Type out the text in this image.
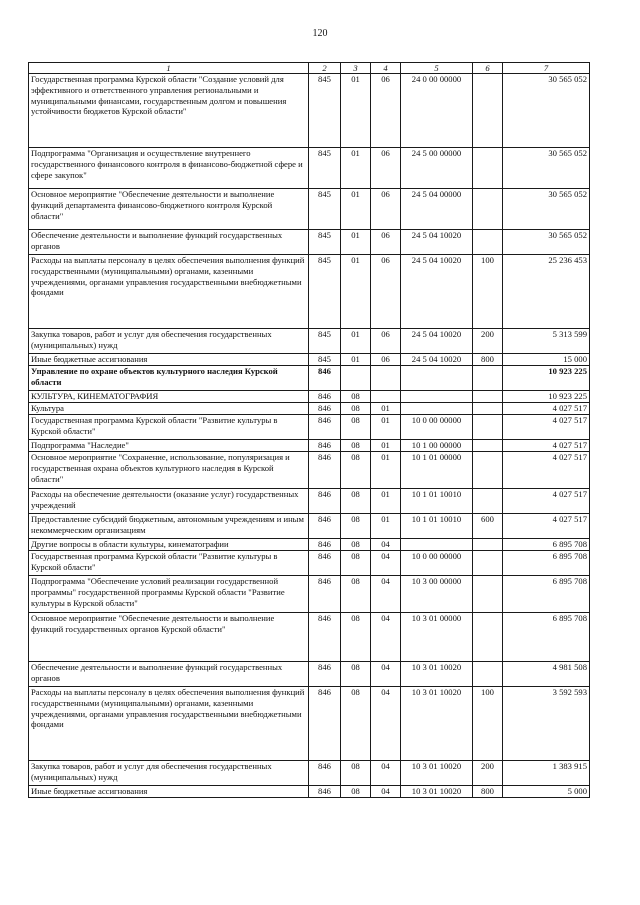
120
1	2	3	4	5	6	7
Государственная программа Курской области "Создание условий для эффективного и ответственного управления региональными и муниципальными финансами, государственным долгом и повышения устойчивости бюджетов Курской области"	845	01	06	24 0 00 00000		30 565 052
Подпрограмма "Организация и осуществление внутреннего государственного финансового контроля в финансово-бюджетной сфере и сфере закупок"	845	01	06	24 5 00 00000		30 565 052
Основное мероприятие "Обеспечение деятельности и выполнение функций департамента финансово-бюджетного контроля Курской области"	845	01	06	24 5 04 00000		30 565 052
Обеспечение деятельности и выполнение функций государственных органов	845	01	06	24 5 04 10020		30 565 052
Расходы на выплаты персоналу в целях обеспечения выполнения функций государственными (муниципальными) органами, казенными учреждениями, органами управления государственными внебюджетными фондами	845	01	06	24 5 04 10020	100	25 236 453
Закупка товаров, работ и услуг для обеспечения государственных (муниципальных) нужд	845	01	06	24 5 04 10020	200	5 313 599
Иные бюджетные ассигнования	845	01	06	24 5 04 10020	800	15 000
Управление по охране объектов культурного наследия Курской области	846					10 923 225
КУЛЬТУРА, КИНЕМАТОГРАФИЯ	846	08				10 923 225
Культура	846	08	01			4 027 517
Государственная программа Курской области "Развитие культуры в Курской области"	846	08	01	10 0 00 00000		4 027 517
Подпрограмма "Наследие"	846	08	01	10 1 00 00000		4 027 517
Основное мероприятие "Сохранение, использование, популяризация и государственная охрана объектов культурного наследия в Курской области"	846	08	01	10 1 01 00000		4 027 517
Расходы на обеспечение деятельности (оказание услуг) государственных учреждений	846	08	01	10 1 01 10010		4 027 517
Предоставление субсидий бюджетным, автономным учреждениям и иным некоммерческим организациям	846	08	01	10 1 01 10010	600	4 027 517
Другие вопросы в области культуры, кинематографии	846	08	04			6 895 708
Государственная программа Курской области "Развитие культуры в Курской области"	846	08	04	10 0 00 00000		6 895 708
Подпрограмма "Обеспечение условий реализации государственной программы" государственной программы Курской области "Развитие культуры в Курской области"	846	08	04	10 3 00 00000		6 895 708
Основное мероприятие "Обеспечение деятельности и выполнение функций государственных органов Курской области"	846	08	04	10 3 01 00000		6 895 708
Обеспечение деятельности и выполнение функций государственных органов	846	08	04	10 3 01 10020		4 981 508
Расходы на выплаты персоналу в целях обеспечения выполнения функций государственными (муниципальными) органами, казенными учреждениями, органами управления государственными внебюджетными фондами	846	08	04	10 3 01 10020	100	3 592 593
Закупка товаров, работ и услуг для обеспечения государственных (муниципальных) нужд	846	08	04	10 3 01 10020	200	1 383 915
Иные бюджетные ассигнования	846	08	04	10 3 01 10020	800	5 000
